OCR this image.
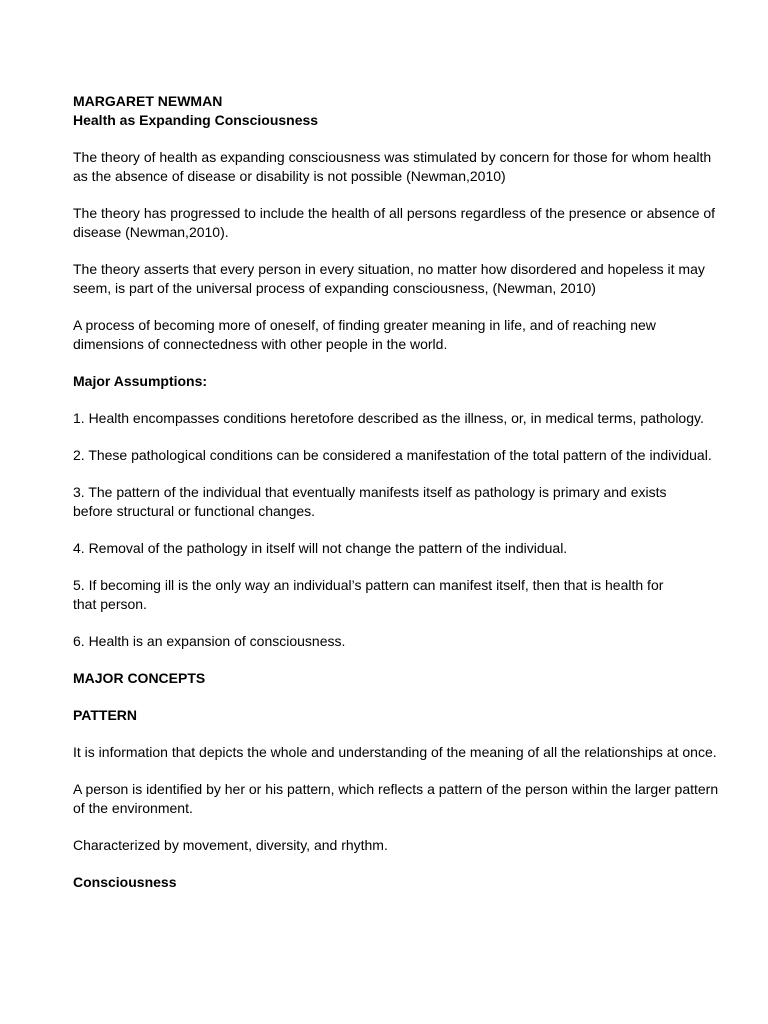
MARGARET NEWMAN

Health as Expanding Consciousness

The theory of health as expanding consciousness was stimulated by concern for those for whom health
as the absence of disease or disability is not possible (Newman,2010)

The theory has progressed to include the health of all persons regardless of the presence or absence of
disease (Newman,2010).

The theory asserts that every person in every situation, no matter how disordered and hopeless it may
seem, is part of the universal process of expanding consciousness, (Newman, 2010)

A process of becoming more of oneself, of finding greater meaning in life, and of reaching new
dimensions of connectedness with other people in the world.

Major Assumptions:

1. Health encompasses conditions heretofore described as the illness, or, in medical terms, pathology.

2. These pathological conditions can be considered a manifestation of the total pattern of the individual.

3. The pattern of the individual that eventually manifests itself as pathology is primary and exists
before structural or functional changes.

4. Removal of the pathology in itself will not change the pattern of the individual.

5. If becoming ill is the only way an individual’s pattern can manifest itself, then that is health for
that person.

6. Health is an expansion of consciousness.

MAJOR CONCEPTS

PATTERN

It is information that depicts the whole and understanding of the meaning of all the relationships at once.

A person is identified by her or his pattern, which reflects a pattern of the person within the larger pattern
of the environment.

Characterized by movement, diversity, and rhythm.

Consciousness
